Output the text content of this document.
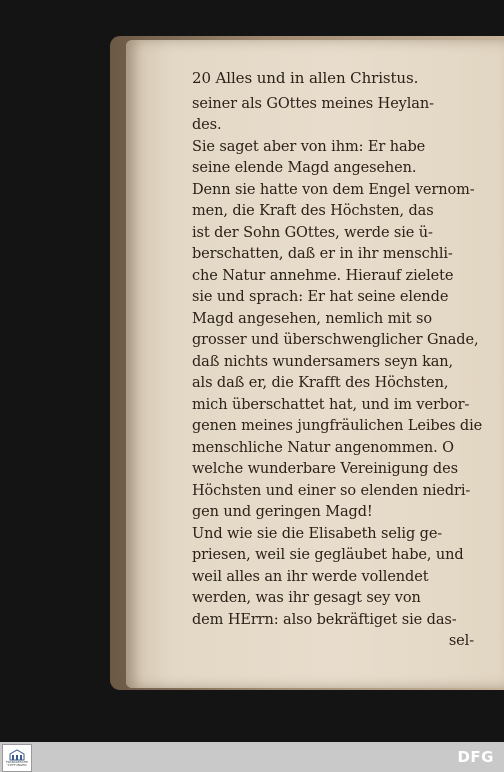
20 Alles und in allen Christus.
seiner als GOttes meines Heylan-
des.
Sie saget aber von ihm: Er habe
seine elende Magd angesehen.
Denn sie hatte von dem Engel vernom-
men, die Kraft des Höchsten, das
ist der Sohn GOttes, werde sie ü-
berschatten, daß er in ihr menschli-
che Natur annehme. Hierauf zielete
sie und sprach: Er hat seine elende
Magd angesehen, nemlich mit so
grosser und überschwenglicher Gnade,
daß nichts wundersamers seyn kan,
als daß er, die Krafft des Höchsten,
mich überschattet hat, und im verbor-
genen meines jungfräulichen Leibes die
menschliche Natur angenommen. O
welche wunderbare Vereinigung des
Höchsten und einer so elenden niedri-
gen und geringen Magd!
Und wie sie die Elisabeth selig ge-
priesen, weil sie gegläubet habe, und
weil alles an ihr werde vollendet
werden, was ihr gesagt sey von
dem HErrn: also bekräftiget sie das-
sel-
FRANCKESCHE STIFTUNGEN	DFG
